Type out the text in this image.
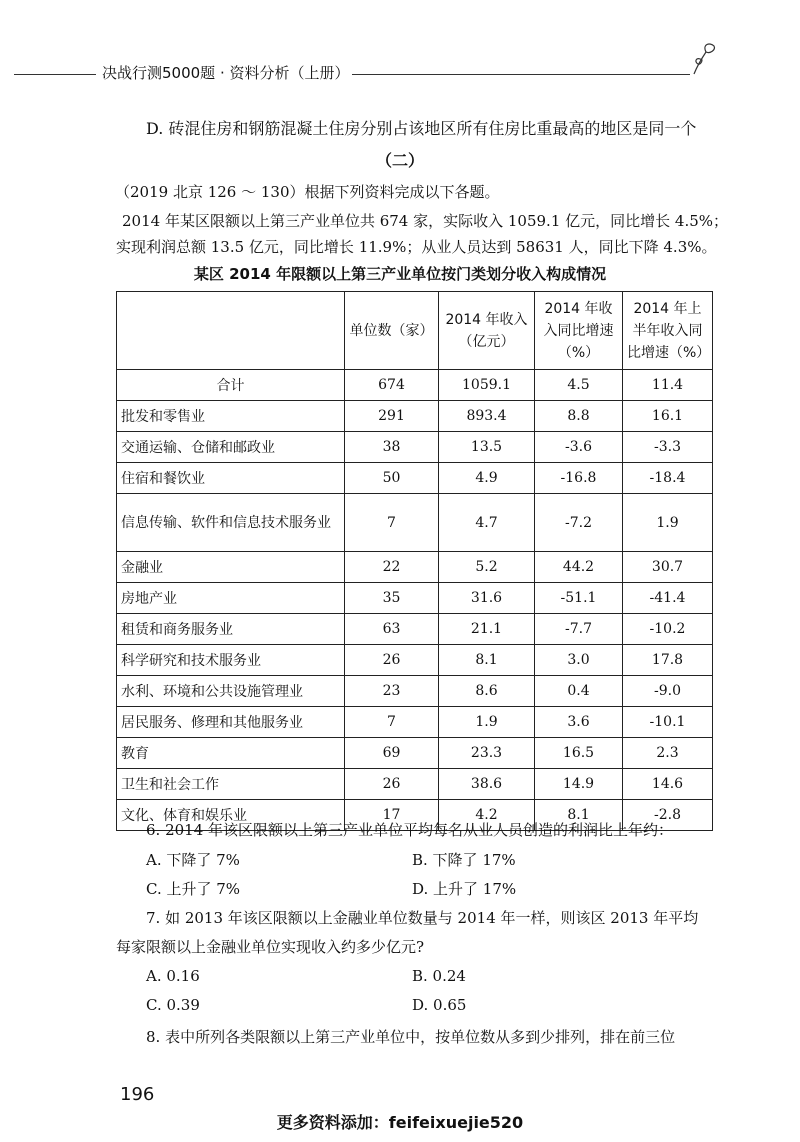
决战行测5000题 · 资料分析（上册）
D. 砖混住房和钢筋混凝土住房分别占该地区所有住房比重最高的地区是同一个
（二）
（2019 北京 126 ～ 130）根据下列资料完成以下各题。
2014 年某区限额以上第三产业单位共 674 家，实际收入 1059.1 亿元，同比增长 4.5%；
实现利润总额 13.5 亿元，同比增长 11.9%；从业人员达到 58631 人，同比下降 4.3%。
某区 2014 年限额以上第三产业单位按门类划分收入构成情况
	单位数（家）	2014 年收入（亿元）	2014 年收入同比增速（%）	2014 年上半年收入同比增速（%）
合计	674	1059.1	4.5	11.4
批发和零售业	291	893.4	8.8	16.1
交通运输、仓储和邮政业	38	13.5	-3.6	-3.3
住宿和餐饮业	50	4.9	-16.8	-18.4
信息传输、软件和信息技术服务业	7	4.7	-7.2	1.9
金融业	22	5.2	44.2	30.7
房地产业	35	31.6	-51.1	-41.4
租赁和商务服务业	63	21.1	-7.7	-10.2
科学研究和技术服务业	26	8.1	3.0	17.8
水利、环境和公共设施管理业	23	8.6	0.4	-9.0
居民服务、修理和其他服务业	7	1.9	3.6	-10.1
教育	69	23.3	16.5	2.3
卫生和社会工作	26	38.6	14.9	14.6
文化、体育和娱乐业	17	4.2	8.1	-2.8
6. 2014 年该区限额以上第三产业单位平均每名从业人员创造的利润比上年约：
A. 下降了 7%	B. 下降了 17%
C. 上升了 7%	D. 上升了 17%
7. 如 2013 年该区限额以上金融业单位数量与 2014 年一样，则该区 2013 年平均
每家限额以上金融业单位实现收入约多少亿元?
A. 0.16	B. 0.24
C. 0.39	D. 0.65
8. 表中所列各类限额以上第三产业单位中，按单位数从多到少排列，排在前三位
196
更多资料添加：feifeixuejie520
